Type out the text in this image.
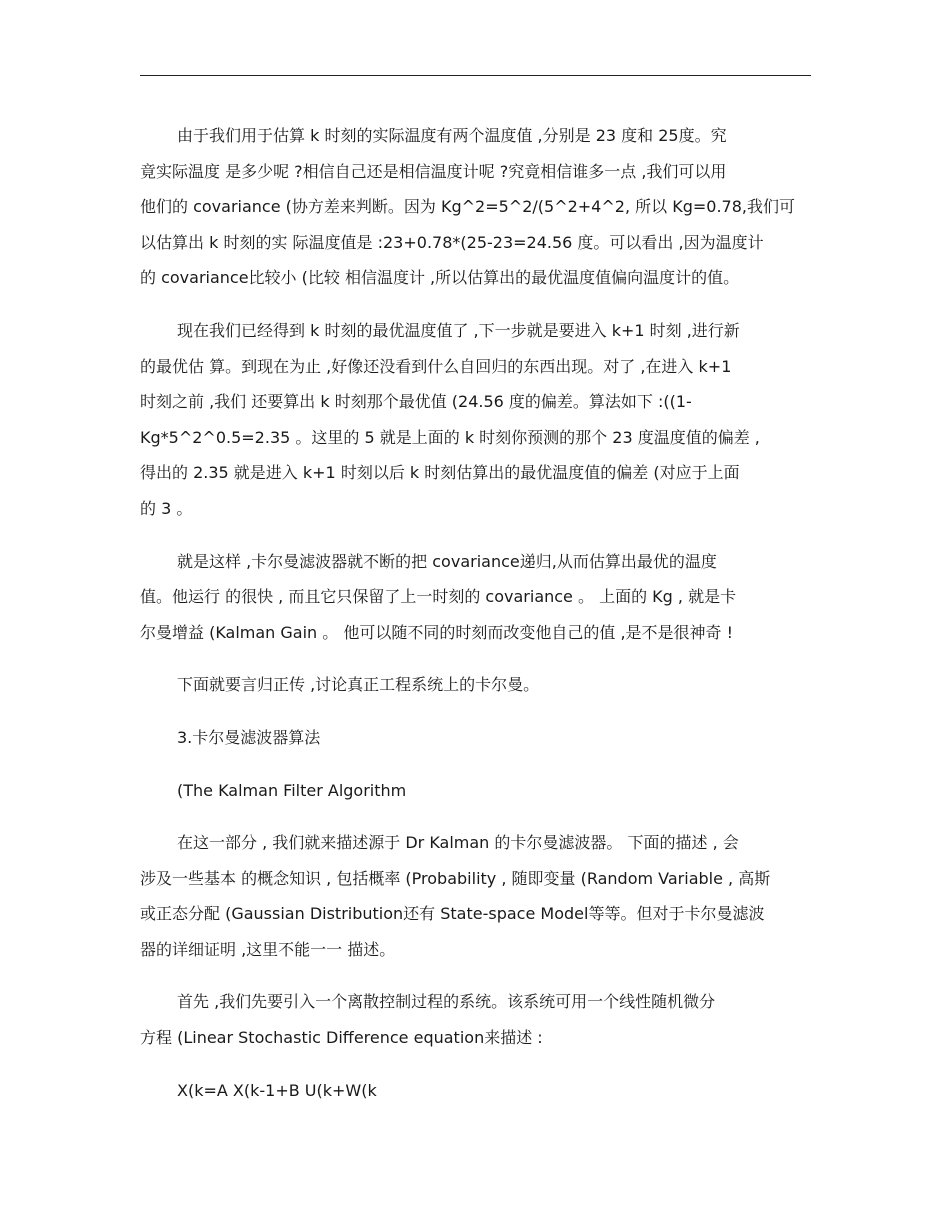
由于我们用于估算 k 时刻的实际温度有两个温度值 ,分别是 23 度和 25度。究
竟实际温度 是多少呢 ?相信自己还是相信温度计呢 ?究竟相信谁多一点 ,我们可以用
他们的 covariance (协方差来判断。因为 Kg^2=5^2/(5^2+4^2, 所以 Kg=0.78,我们可
以估算出 k 时刻的实 际温度值是 :23+0.78*(25-23=24.56 度。可以看出 ,因为温度计
的 covariance比较小 (比较 相信温度计 ,所以估算出的最优温度值偏向温度计的值。
现在我们已经得到 k 时刻的最优温度值了 ,下一步就是要进入 k+1 时刻 ,进行新
的最优估 算。到现在为止 ,好像还没看到什么自回归的东西出现。对了 ,在进入 k+1
时刻之前 ,我们 还要算出 k 时刻那个最优值 (24.56 度的偏差。算法如下 :((1-
Kg*5^2^0.5=2.35 。这里的 5 就是上面的 k 时刻你预测的那个 23 度温度值的偏差 ,
得出的 2.35 就是进入 k+1 时刻以后 k 时刻估算出的最优温度值的偏差 (对应于上面
的 3 。
就是这样 ,卡尔曼滤波器就不断的把 covariance递归,从而估算出最优的温度
值。他运行 的很快 , 而且它只保留了上一时刻的 covariance 。 上面的 Kg , 就是卡
尔曼增益 (Kalman Gain 。 他可以随不同的时刻而改变他自己的值 ,是不是很神奇 !
下面就要言归正传 ,讨论真正工程系统上的卡尔曼。
3.卡尔曼滤波器算法
(The Kalman Filter Algorithm
在这一部分 , 我们就来描述源于 Dr Kalman 的卡尔曼滤波器。 下面的描述 , 会
涉及一些基本 的概念知识 , 包括概率 (Probability , 随即变量 (Random Variable , 高斯
或正态分配 (Gaussian Distribution还有 State-space Model等等。但对于卡尔曼滤波
器的详细证明 ,这里不能一一 描述。
首先 ,我们先要引入一个离散控制过程的系统。该系统可用一个线性随机微分
方程 (Linear Stochastic Difference equation来描述 :
X(k=A X(k-1+B U(k+W(k
